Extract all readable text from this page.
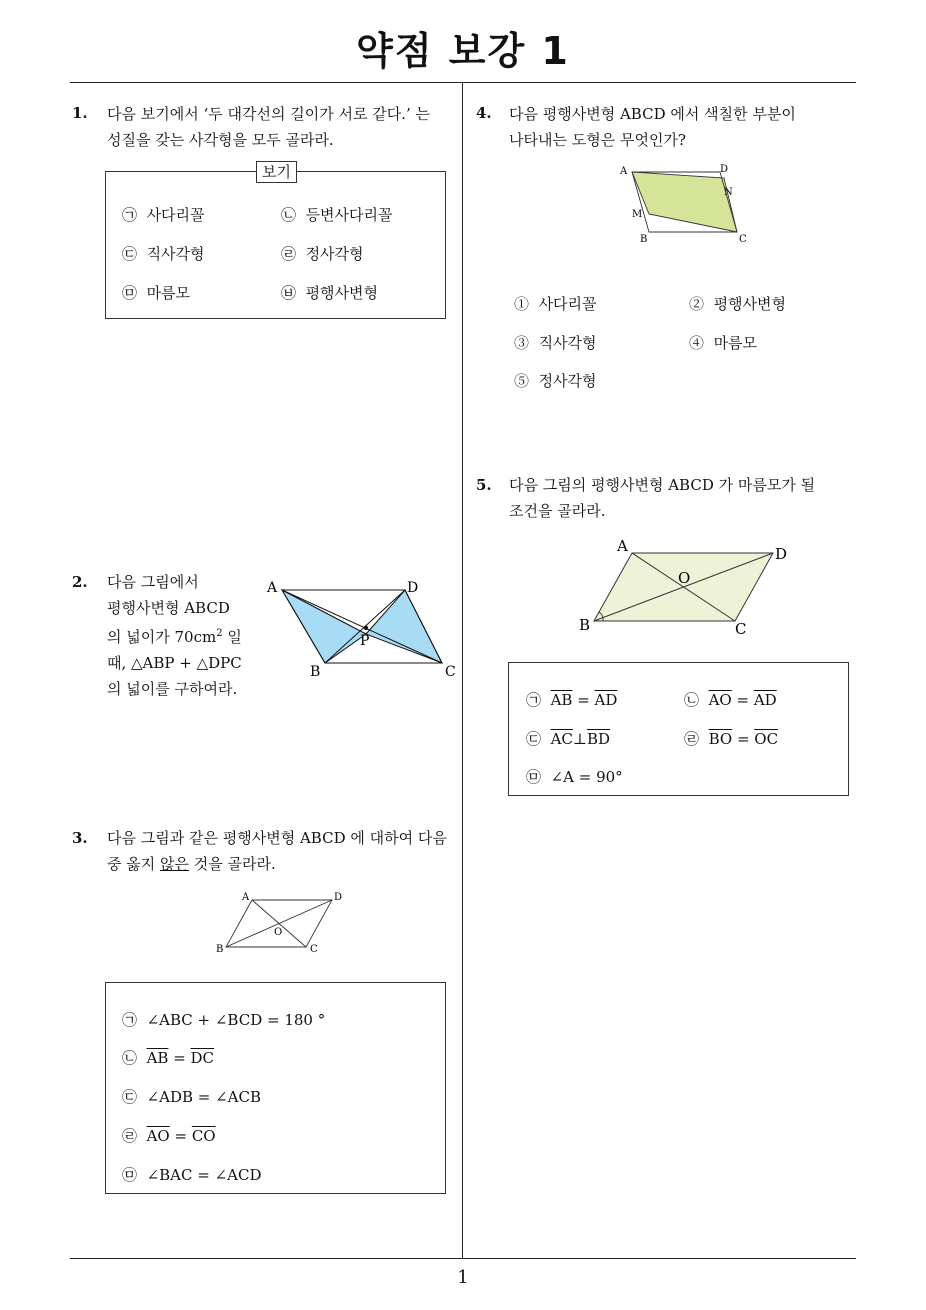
약점 보강 1
1
1. 다음 보기에서 ‘두 대각선의 길이가 서로 같다.’ 는
성질을 갖는 사각형을 모두 골라라.
보기
㉠ 사다리꼴	㉡ 등변사다리꼴
㉢ 직사각형	㉣ 정사각형
㉤ 마름모	㉥ 평행사변형
2. 다음 그림에서
평행사변형 ABCD
의 넓이가 $70cm^2$ 일
때, △ABP + △DPC
의 넓이를 구하여라.
A	D
B	C
P
3. 다음 그림과 같은 평행사변형 ABCD 에 대하여 다음
중 옳지 않은 것을 골라라.
A	D
B	C
O
㉠ ∠ABC + ∠BCD = 180 °
㉡ $\overline{AB} = \overline{DC}$
㉢ ∠ADB = ∠ACB
㉣ $\overline{AO} = \overline{CO}$
㉤ ∠BAC = ∠ACD
4. 다음 평행사변형 ABCD 에서 색칠한 부분이
나타내는 도형은 무엇인가?
A	D
N
M
B	C
① 사다리꼴	② 평행사변형
③ 직사각형	④ 마름모
⑤ 정사각형
5. 다음 그림의 평행사변형 ABCD 가 마름모가 될
조건을 골라라.
A	D
B	C
O
㉠ $\overline{AB} = \overline{AD}$	㉡ $\overline{AO} = \overline{AD}$
㉢ $\overline{AC}\perp\overline{BD}$	㉣ $\overline{BO} = \overline{OC}$
㉤ ∠A = 90°
